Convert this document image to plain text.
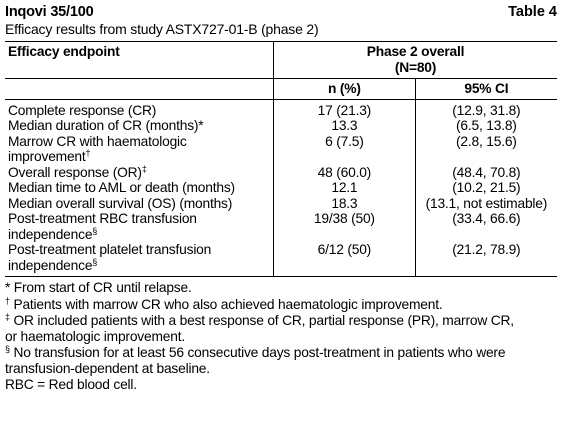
Inqovi 35/100	Table 4
Efficacy results from study ASTX727-01-B (phase 2)
Efficacy endpoint	Phase 2 overall
(N=80)	

	n (%)	95% CI
Complete response (CR)	17 (21.3)	(12.9, 31.8)
Median duration of CR (months)*	13.3	(6.5, 13.8)
Marrow CR with haematologic
improvement†	6 (7.5)	(2.8, 15.6)
Overall response (OR)‡	48 (60.0)	(48.4, 70.8)
Median time to AML or death (months)	12.1	(10.2, 21.5)
Median overall survival (OS) (months)	18.3	(13.1, not estimable)
Post-treatment RBC transfusion
independence§	19/38 (50)	(33.4, 66.6)
Post-treatment platelet transfusion
independence§	6/12 (50)	(21.2, 78.9)
* From start of CR until relapse.
† Patients with marrow CR who also achieved haematologic improvement.
‡ OR included patients with a best response of CR, partial response (PR), marrow CR,
or haematologic improvement.
§ No transfusion for at least 56 consecutive days post-treatment in patients who were
transfusion-dependent at baseline.
RBC = Red blood cell.
